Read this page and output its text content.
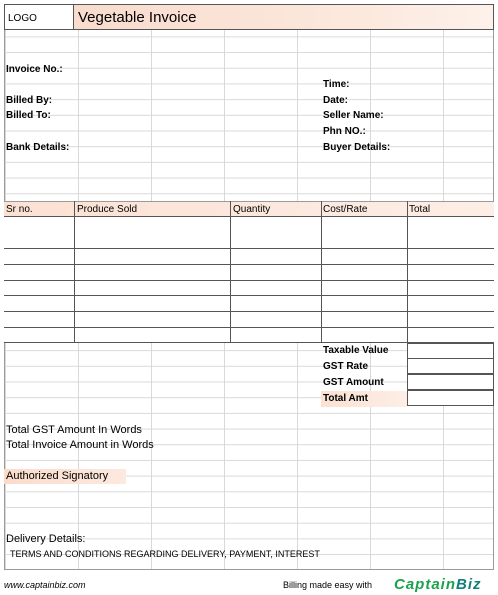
LOGO	Vegetable Invoice
Invoice No.:
Billed By:
Billed To:
Bank Details:
Time:
Date:
Seller Name:
Phn NO.:
Buyer Details:
Sr no.	Produce Sold	Quantity	Cost/Rate	Total
Taxable Value
GST Rate
GST Amount
Total Amt
Total GST Amount In Words
Total Invoice Amount in Words
Authorized Signatory
Delivery Details:
TERMS AND CONDITIONS REGARDING DELIVERY, PAYMENT, INTEREST
www.captainbiz.com	Billing made easy with CaptainBiz
